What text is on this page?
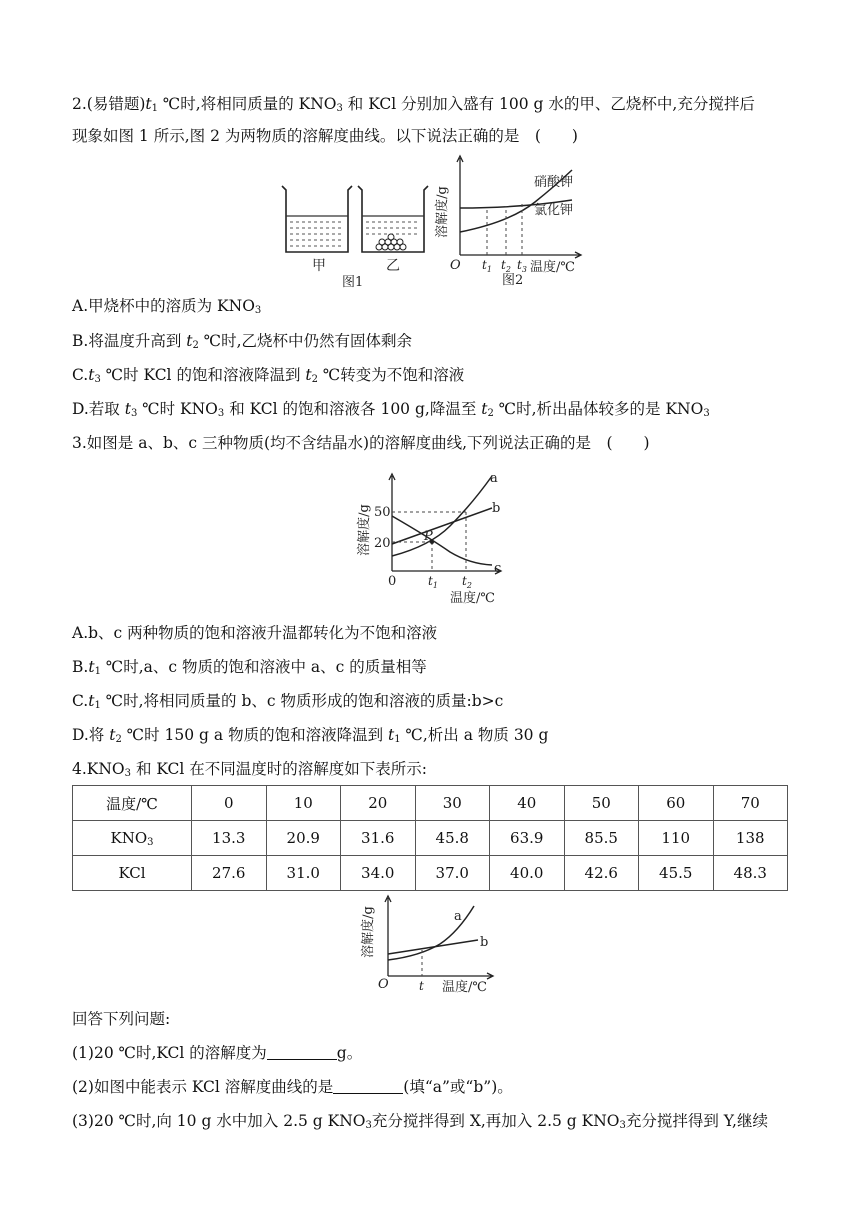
2.(易错题)$t_1$ ℃时,将相同质量的 $KNO_3$ 和 KCl 分别加入盛有 100 g 水的甲、乙烧杯中,充分搅拌后
现象如图 1 所示,图 2 为两物质的溶解度曲线。以下说法正确的是　(　　)
甲	乙
图1
溶解度/g
硝酸钾
氯化钾
O $t_1$ $t_2$ $t_3$ 温度/℃
图2
A.甲烧杯中的溶质为 $KNO_3$
B.将温度升高到 $t_2$ ℃时,乙烧杯中仍然有固体剩余
$C.t_3$ ℃时 KCl 的饱和溶液降温到 $t_2$ ℃转变为不饱和溶液
D.若取 $t_3$ ℃时 $KNO_3$ 和 KCl 的饱和溶液各 100 g,降温至 $t_2$ ℃时,析出晶体较多的是 $KNO_3$
3.如图是 a、b、c 三种物质(均不含结晶水)的溶解度曲线,下列说法正确的是　(　　)
溶解度/g	P
50
20
0
a
b
c
$t_1$ $t_2$
温度/℃
A.b、c 两种物质的饱和溶液升温都转化为不饱和溶液
$B.t_1$ ℃时,a、c 物质的饱和溶液中 a、c 的质量相等
$C.t_1$ ℃时,将相同质量的 b、c 物质形成的饱和溶液的质量:b>c
D.将 $t_2$ ℃时 150 g a 物质的饱和溶液降温到 $t_1$ ℃,析出 a 物质 30 g
$4.KNO_3$ 和 KCl 在不同温度时的溶解度如下表所示:
温度/℃	0	10	20	30	40	50	60	70
$KNO_3$	13.3	20.9	31.6	45.8	63.9	85.5	110	138
KCl	27.6	31.0	34.0	37.0	40.0	42.6	45.5	48.3
溶解度/g	a
b
O	t 温度/℃
回答下列问题:
(1)20 ℃时,KCl 的溶解度为	g。
(2)如图中能表示 KCl 溶解度曲线的是	(填“a”或“b”)。
(3)20 ℃时,向 10 g 水中加入 2.5 g $KNO_3$充分搅拌得到 X,再加入 2.5 g $KNO_3$充分搅拌得到 Y,继续
